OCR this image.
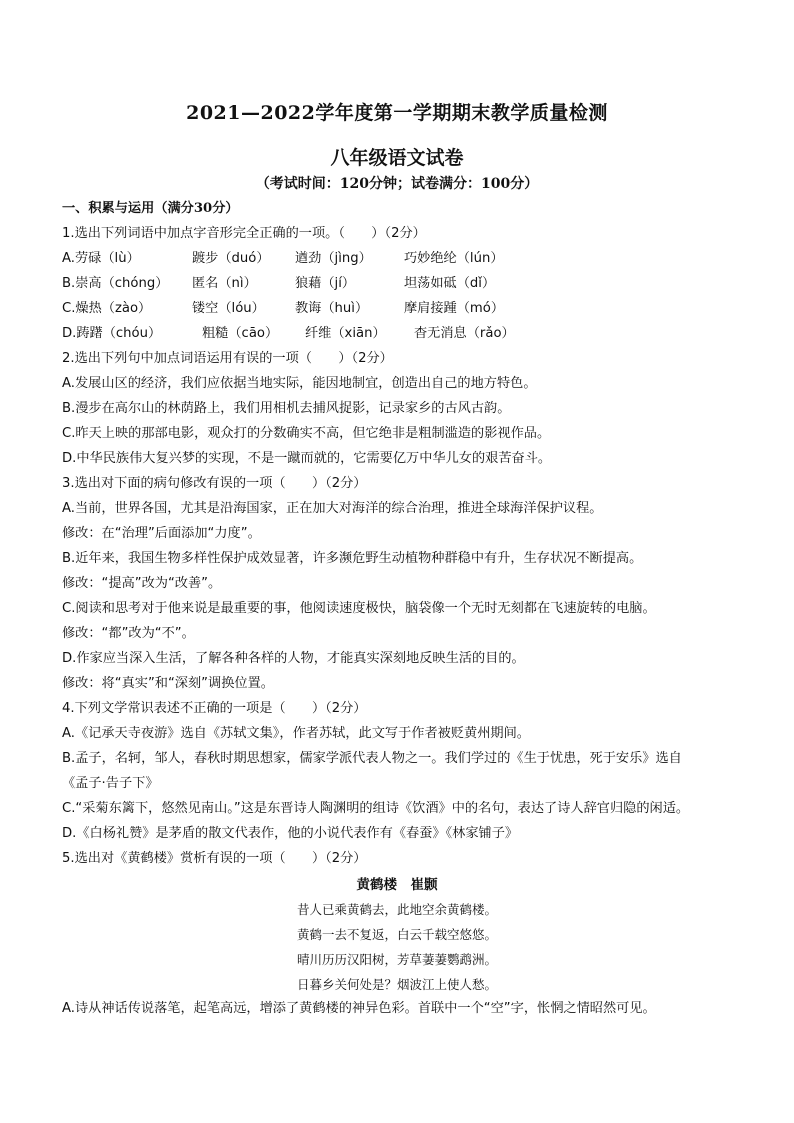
2021—2022学年度第一学期期末教学质量检测
八年级语文试卷
（考试时间：120分钟；试卷满分：100分）
一、积累与运用（满分30分）
1.选出下列词语中加点字音形完全正确的一项。（　　）（2分）
A.劳碌（lù）	踱步（duó） 遒劲（jìng） 巧妙绝纶（lún）
B.崇高（chóng） 匿名（nì）	狼藉（jí）	坦荡如砥（dǐ）
C.燥热（zào）	镂空（lóu） 教诲（huì）	摩肩接踵（mó）
D.踌躇（chóu）	粗糙（cāo） 纤维（xiān） 杳无消息（rǎo）
2.选出下列句中加点词语运用有误的一项（　　）（2分）
A.发展山区的经济，我们应依据当地实际，能因地制宜，创造出自己的地方特色。
B.漫步在高尔山的林荫路上，我们用相机去捕风捉影，记录家乡的古风古韵。
C.昨天上映的那部电影，观众打的分数确实不高，但它绝非是粗制滥造的影视作品。
D.中华民族伟大复兴梦的实现，不是一蹴而就的，它需要亿万中华儿女的艰苦奋斗。
3.选出对下面的病句修改有误的一项（　　）（2分）
A.当前，世界各国，尤其是沿海国家，正在加大对海洋的综合治理，推进全球海洋保护议程。
修改：在“治理”后面添加“力度”。
B.近年来，我国生物多样性保护成效显著，许多濒危野生动植物种群稳中有升，生存状况不断提高。
修改：“提高”改为“改善”。
C.阅读和思考对于他来说是最重要的事，他阅读速度极快，脑袋像一个无时无刻都在飞速旋转的电脑。
修改：“都”改为“不”。
D.作家应当深入生活，了解各种各样的人物，才能真实深刻地反映生活的目的。
修改：将“真实”和“深刻”调换位置。
4.下列文学常识表述不正确的一项是（　　）（2分）
A.《记承天寺夜游》选自《苏轼文集》，作者苏轼，此文写于作者被贬黄州期间。
B.孟子，名轲，邹人，春秋时期思想家，儒家学派代表人物之一。我们学过的《生于忧患，死于安乐》选自
《孟子·告子下》
C.“采菊东篱下，悠然见南山。”这是东晋诗人陶渊明的组诗《饮酒》中的名句，表达了诗人辞官归隐的闲适。
D.《白杨礼赞》是茅盾的散文代表作，他的小说代表作有《春蚕》《林家铺子》
5.选出对《黄鹤楼》赏析有误的一项（　　）（2分）
黄鹤楼　崔颢
昔人已乘黄鹤去，此地空余黄鹤楼。
黄鹤一去不复返，白云千载空悠悠。
晴川历历汉阳树，芳草萋萋鹦鹉洲。
日暮乡关何处是？烟波江上使人愁。
A.诗从神话传说落笔，起笔高远，增添了黄鹤楼的神异色彩。首联中一个“空”字，怅惘之情昭然可见。
